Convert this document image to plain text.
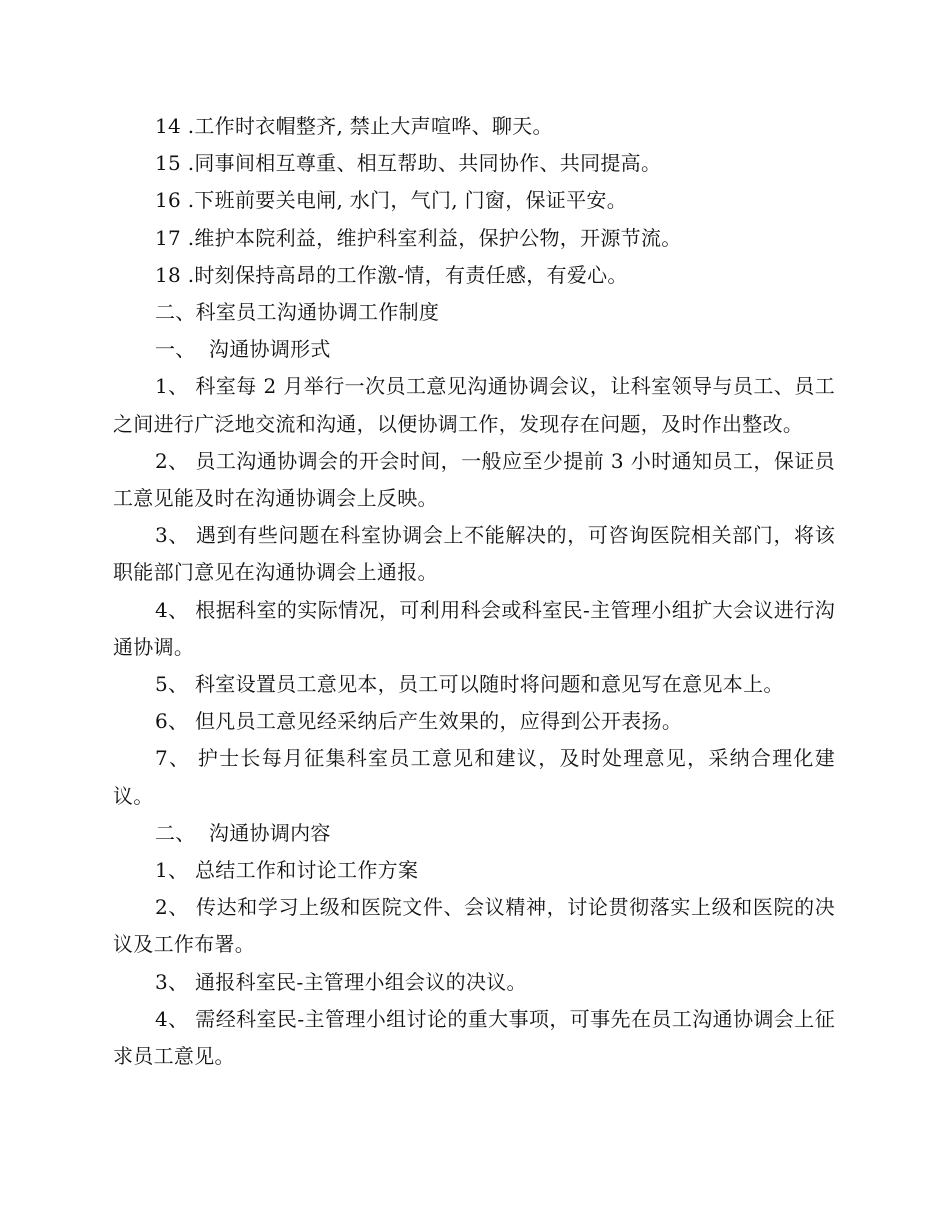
14 .工作时衣帽整齐, 禁止大声喧哗、聊天。

15 .同事间相互尊重、相互帮助、共同协作、共同提高。

16 .下班前要关电闸, 水门，气门, 门窗，保证平安。

17 .维护本院利益，维护科室利益，保护公物，开源节流。

18 .时刻保持高昂的工作激-情，有责任感，有爱心。

二、科室员工沟通协调工作制度

一、  沟通协调形式

1、 科室每 2 月举行一次员工意见沟通协调会议，让科室领导与员工、员工之间进行广泛地交流和沟通，以便协调工作，发现存在问题，及时作出整改。

2、 员工沟通协调会的开会时间，一般应至少提前 3 小时通知员工，保证员工意见能及时在沟通协调会上反映。

3、 遇到有些问题在科室协调会上不能解决的，可咨询医院相关部门，将该职能部门意见在沟通协调会上通报。

4、 根据科室的实际情况，可利用科会或科室民-主管理小组扩大会议进行沟通协调。

5、 科室设置员工意见本，员工可以随时将问题和意见写在意见本上。

6、 但凡员工意见经采纳后产生效果的，应得到公开表扬。

7、 护士长每月征集科室员工意见和建议，及时处理意见，采纳合理化建议。

二、  沟通协调内容

1、 总结工作和讨论工作方案

2、 传达和学习上级和医院文件、会议精神，讨论贯彻落实上级和医院的决议及工作布署。

3、 通报科室民-主管理小组会议的决议。

4、 需经科室民-主管理小组讨论的重大事项，可事先在员工沟通协调会上征求员工意见。
